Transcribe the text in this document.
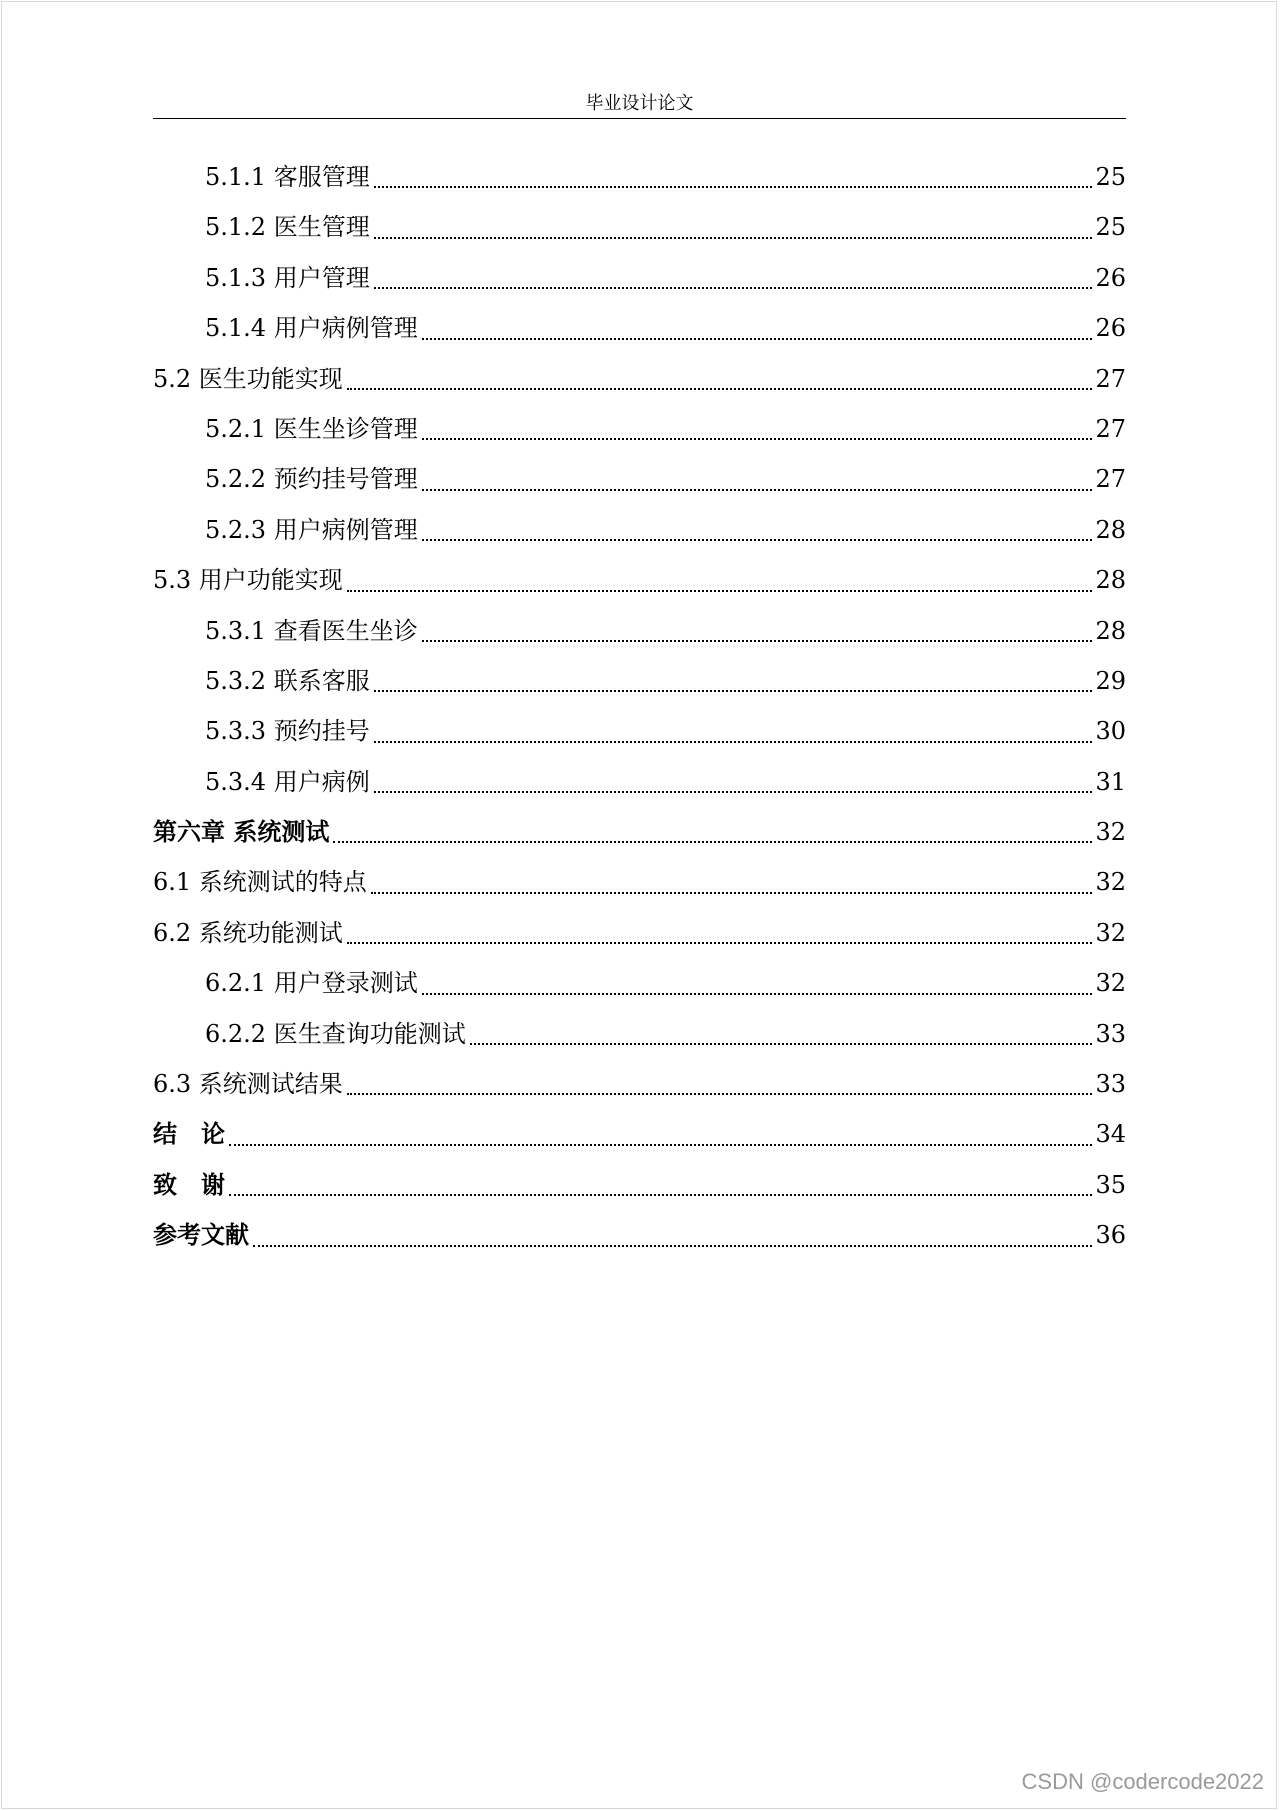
毕业设计论文
5.1.1 客服管理	25
5.1.2 医生管理	25
5.1.3 用户管理	26
5.1.4 用户病例管理	26
5.2 医生功能实现	27
5.2.1 医生坐诊管理	27
5.2.2 预约挂号管理	27
5.2.3 用户病例管理	28
5.3 用户功能实现	28
5.3.1 查看医生坐诊	28
5.3.2 联系客服	29
5.3.3 预约挂号	30
5.3.4 用户病例	31
第六章 系统测试	32
6.1 系统测试的特点	32
6.2 系统功能测试	32
6.2.1 用户登录测试	32
6.2.2 医生查询功能测试	33
6.3 系统测试结果	33
结　论	34
致　谢	35
参考文献	36
CSDN @codercode2022
